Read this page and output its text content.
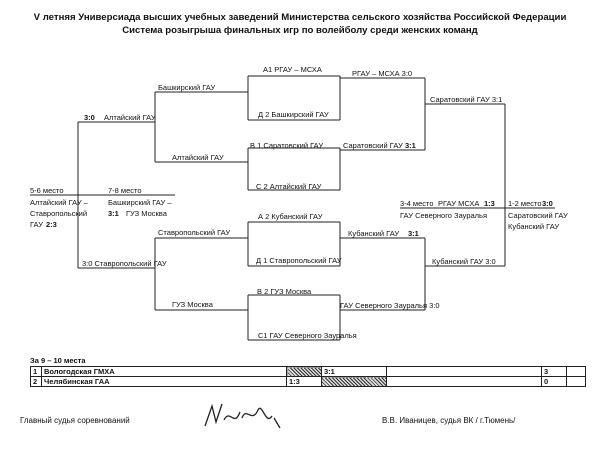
V летняя Универсиада высших учебных заведений Министерства сельского хозяйства Российской Федерации
Система розыгрыша финальных игр по волейболу среди женских команд
А1 РГАУ – МСХА
Д 2 Башкирский ГАУ
В 1 Саратовский ГАУ
С 2 Алтайский ГАУ
А 2 Кубанский ГАУ
Д 1 Ставропольский ГАУ
В 2 ГУЗ Москва
С1 ГАУ Северного Зауралья
Башкирский ГАУ
Алтайский ГАУ
РГАУ – МСХА 3:0
Саратовский ГАУ 3:1
Ставропольский ГАУ
ГУЗ Москва
Кубанский ГАУ 3:1
ГАУ Северного Зауралья 3:0
3:0 Алтайский ГАУ
3:0 Ставропольский ГАУ
Саратовский ГАУ 3:1
Кубанский ГАУ 3:0
5-6 место
Алтайский ГАУ –
Ставропольский
ГАУ 2:3
7-8 место
Башкирский ГАУ –
3:1 ГУЗ Москва
3-4 место РГАУ МСХА 1:3
ГАУ Северного Зауралья
1-2 место 3:0
Саратовский ГАУ
Кубанский ГАУ
За 9 – 10 места
1	Вологодская ГМХА		3:1		3	
2	Челябинская ГАА	1:3			0	
Главный судья соревнований	В.В. Иваницев, судья ВК / г.Тюмень/
